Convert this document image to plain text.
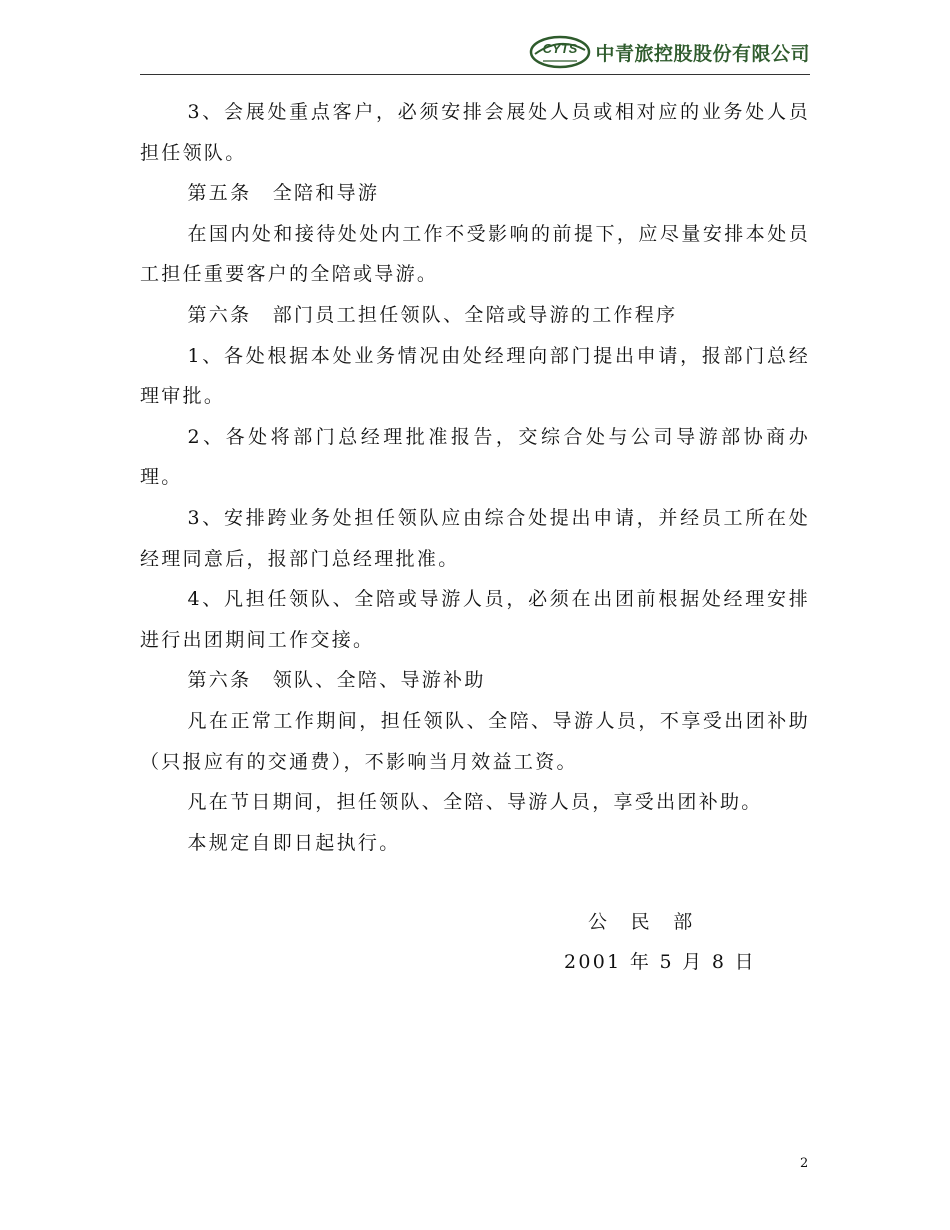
CYTS 中青旅控股股份有限公司

3、会展处重点客户，必须安排会展处人员或相对应的业务处人员担任领队。

第五条　全陪和导游

在国内处和接待处处内工作不受影响的前提下，应尽量安排本处员工担任重要客户的全陪或导游。

第六条　部门员工担任领队、全陪或导游的工作程序

1、各处根据本处业务情况由处经理向部门提出申请，报部门总经理审批。

2、各处将部门总经理批准报告，交综合处与公司导游部协商办理。

3、安排跨业务处担任领队应由综合处提出申请，并经员工所在处经理同意后，报部门总经理批准。

4、凡担任领队、全陪或导游人员，必须在出团前根据处经理安排进行出团期间工作交接。

第六条　领队、全陪、导游补助

凡在正常工作期间，担任领队、全陪、导游人员，不享受出团补助（只报应有的交通费），不影响当月效益工资。

凡在节日期间，担任领队、全陪、导游人员，享受出团补助。

本规定自即日起执行。

公　民　部
2001 年 5 月 8 日
2
